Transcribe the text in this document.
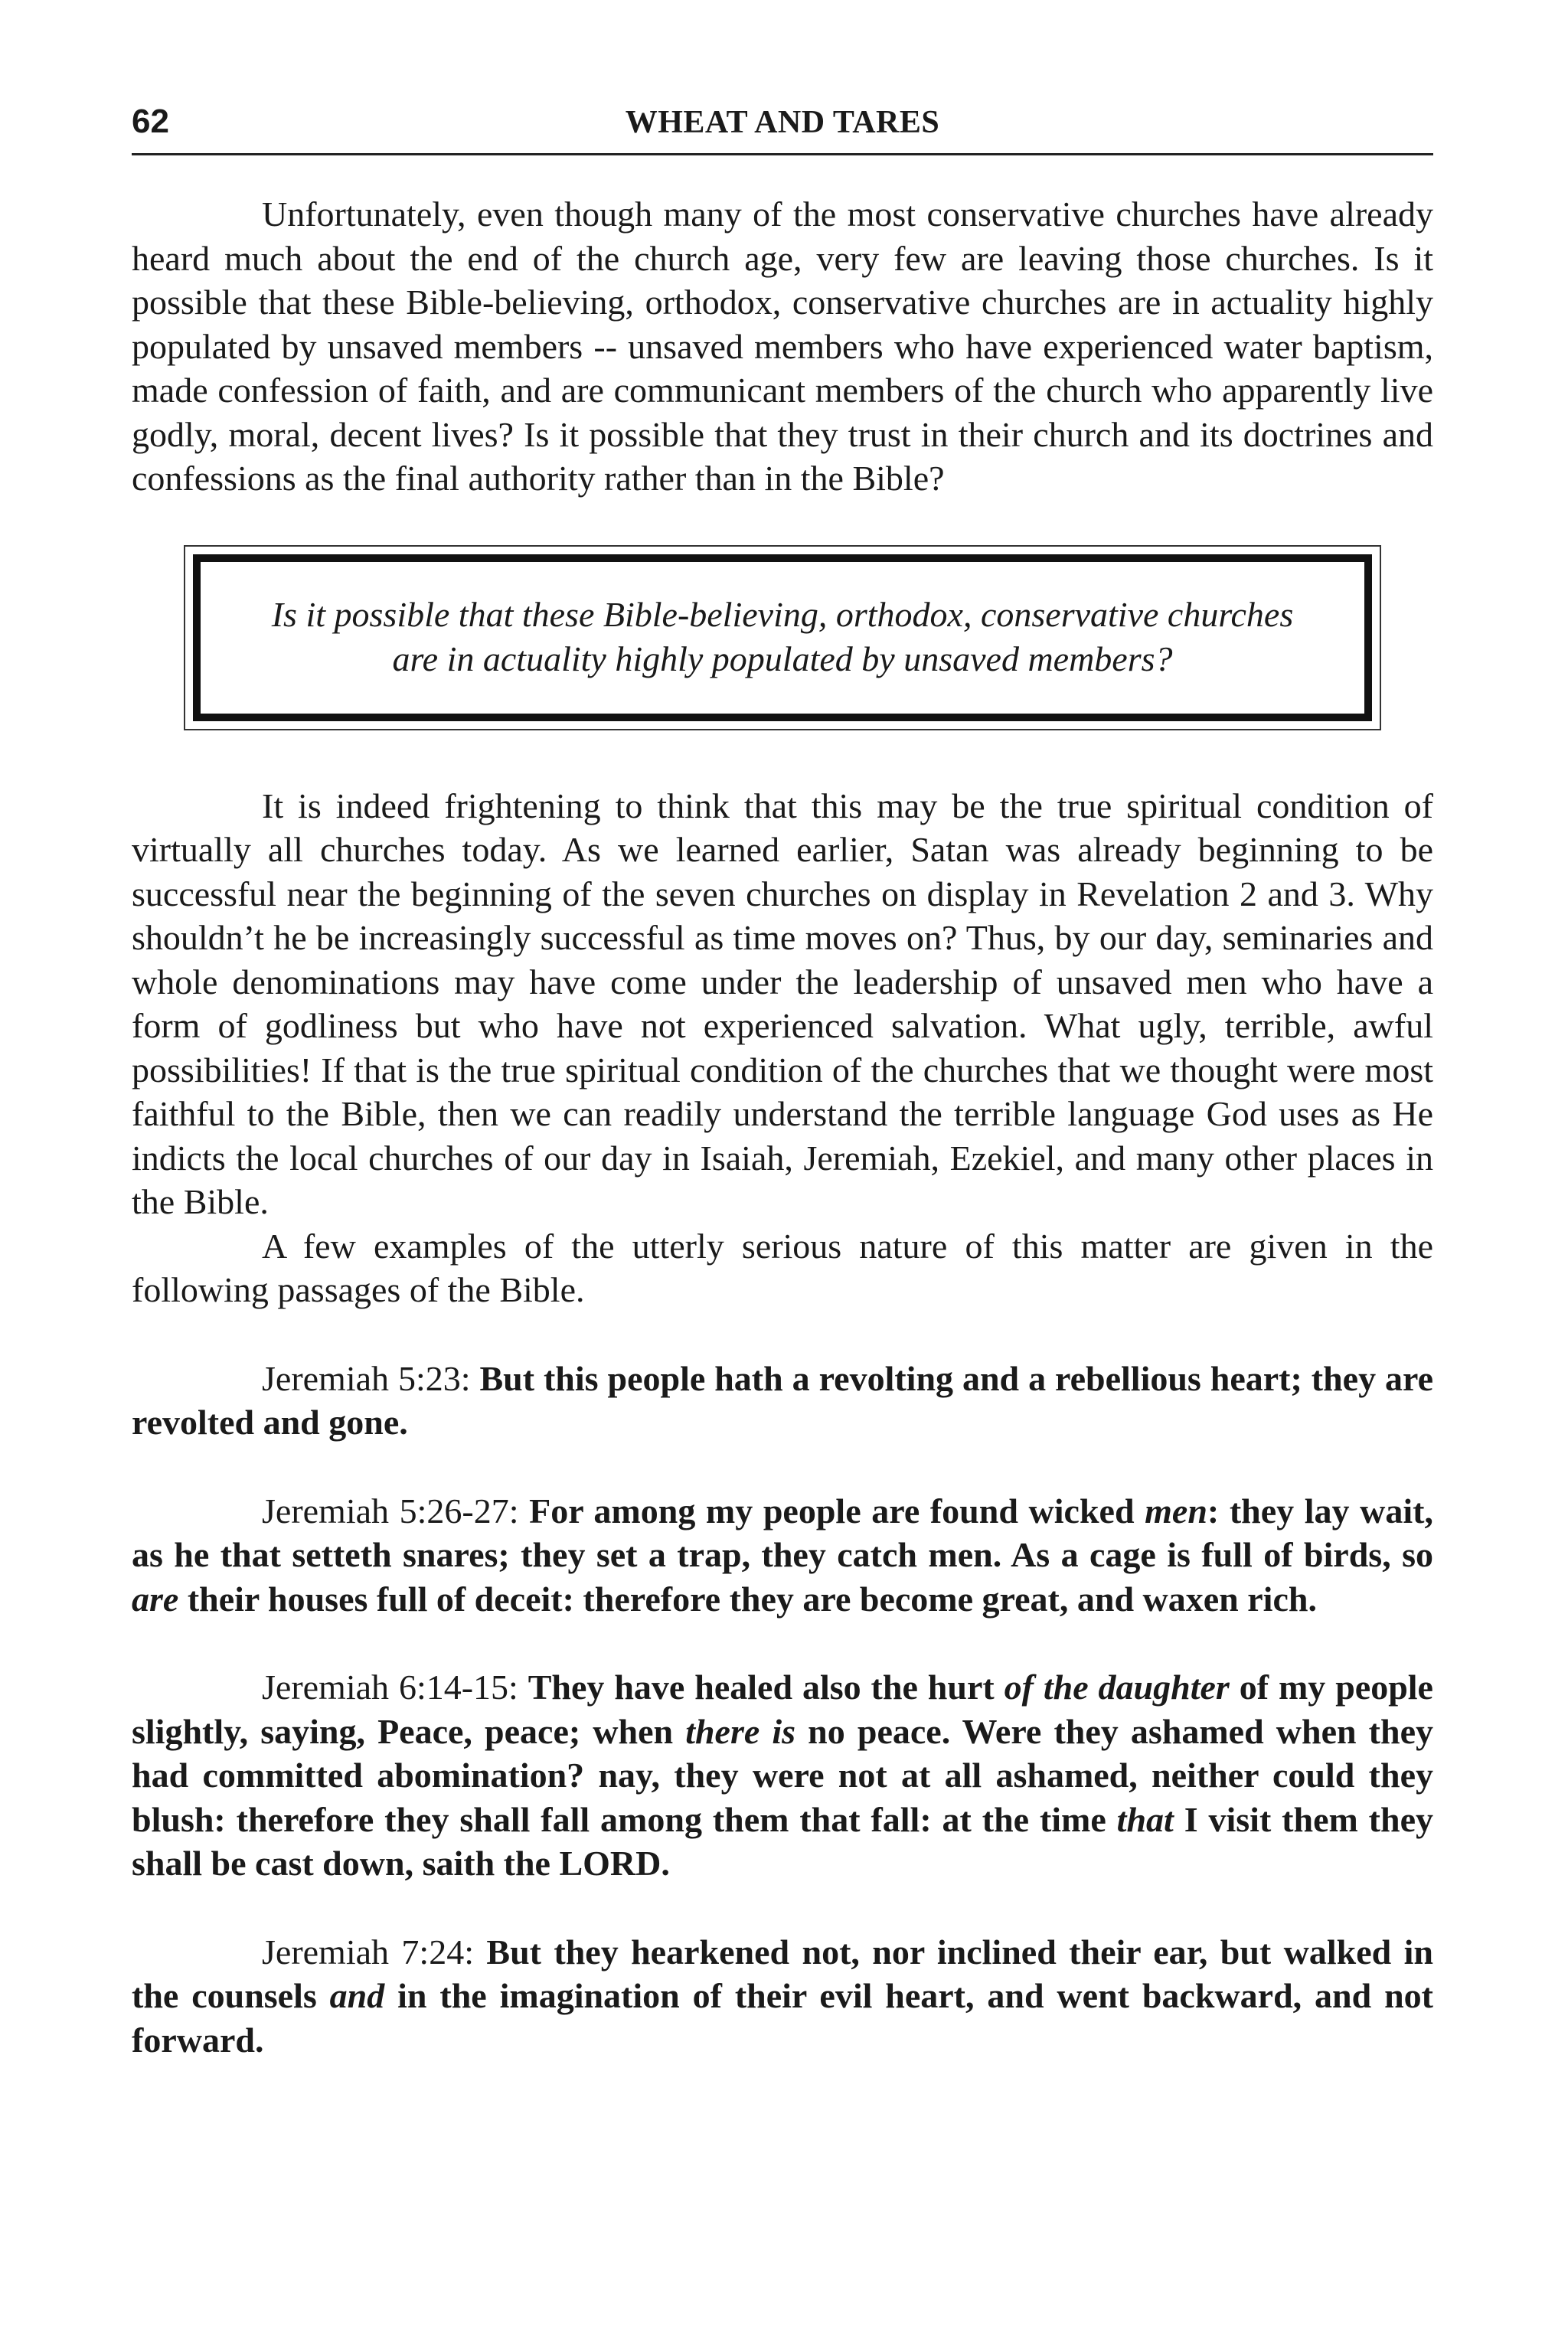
62	WHEAT AND TARES

Unfortunately, even though many of the most conservative churches have already heard much about the end of the church age, very few are leaving those churches. Is it possible that these Bible-believing, orthodox, conservative churches are in actuality highly populated by unsaved members -- unsaved members who have experienced water baptism, made confession of faith, and are communicant members of the church who apparently live godly, moral, decent lives? Is it possible that they trust in their church and its doctrines and confessions as the final authority rather than in the Bible?

Is it possible that these Bible-believing, orthodox, conservative churches are in actuality highly populated by unsaved members?

It is indeed frightening to think that this may be the true spiritual condition of virtually all churches today. As we learned earlier, Satan was already beginning to be successful near the beginning of the seven churches on display in Revelation 2 and 3. Why shouldn’t he be increasingly successful as time moves on? Thus, by our day, seminaries and whole denominations may have come under the leadership of unsaved men who have a form of godliness but who have not experienced salvation. What ugly, terrible, awful possibilities! If that is the true spiritual condition of the churches that we thought were most faithful to the Bible, then we can readily understand the terrible language God uses as He indicts the local churches of our day in Isaiah, Jeremiah, Ezekiel, and many other places in the Bible.

A few examples of the utterly serious nature of this matter are given in the following passages of the Bible.

Jeremiah 5:23: But this people hath a revolting and a rebellious heart; they are revolted and gone.

Jeremiah 5:26-27: For among my people are found wicked men: they lay wait, as he that setteth snares; they set a trap, they catch men. As a cage is full of birds, so are their houses full of deceit: therefore they are become great, and waxen rich.

Jeremiah 6:14-15: They have healed also the hurt of the daughter of my people slightly, saying, Peace, peace; when there is no peace. Were they ashamed when they had committed abomination? nay, they were not at all ashamed, neither could they blush: therefore they shall fall among them that fall: at the time that I visit them they shall be cast down, saith the LORD.

Jeremiah 7:24: But they hearkened not, nor inclined their ear, but walked in the counsels and in the imagination of their evil heart, and went backward, and not forward.
